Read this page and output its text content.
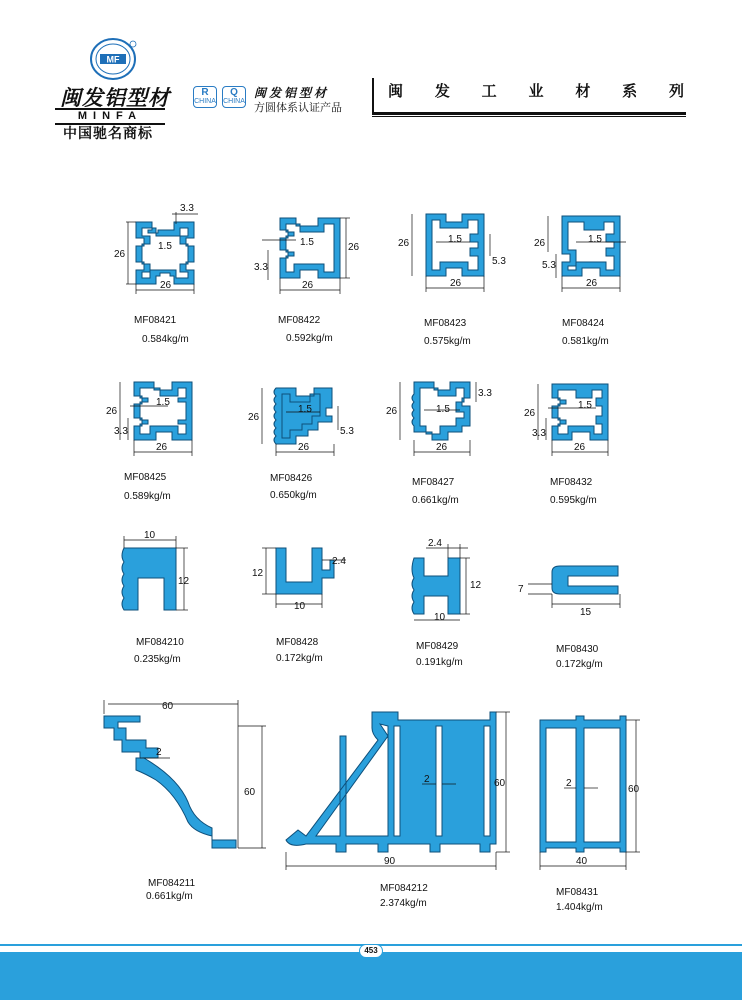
MF
闽发铝型材
MINFA
中国驰名商标
R
CHINA
Q
CHINA
闽发铝型材
方圆体系认证产品
闽 发 工 业 材 系 列
3.3
26
1.5
26
MF08421
0.584kg/m
1.5	26
3.3
26
MF08422
0.592kg/m
26	1.5
5.3
26
MF08423
0.575kg/m
26	1.5
5.3
26
MF08424
0.581kg/m
26
1.5
3.3
26
MF08425
0.589kg/m
26
1.5
5.3
26
MF08426
0.650kg/m
26	1.5
3.3
26
MF08427
0.661kg/m
26
1.5
3.3
26
MF08432
0.595kg/m
10
12
MF084210
0.235kg/m
12
2.4
10
MF08428
0.172kg/m
2.4
12
10
MF08429
0.191kg/m
7
15
MF08430
0.172kg/m
60
2
60
MF084211
0.661kg/m
2	60
90
MF084212
2.374kg/m
2
60
40
MF08431
1.404kg/m
453
